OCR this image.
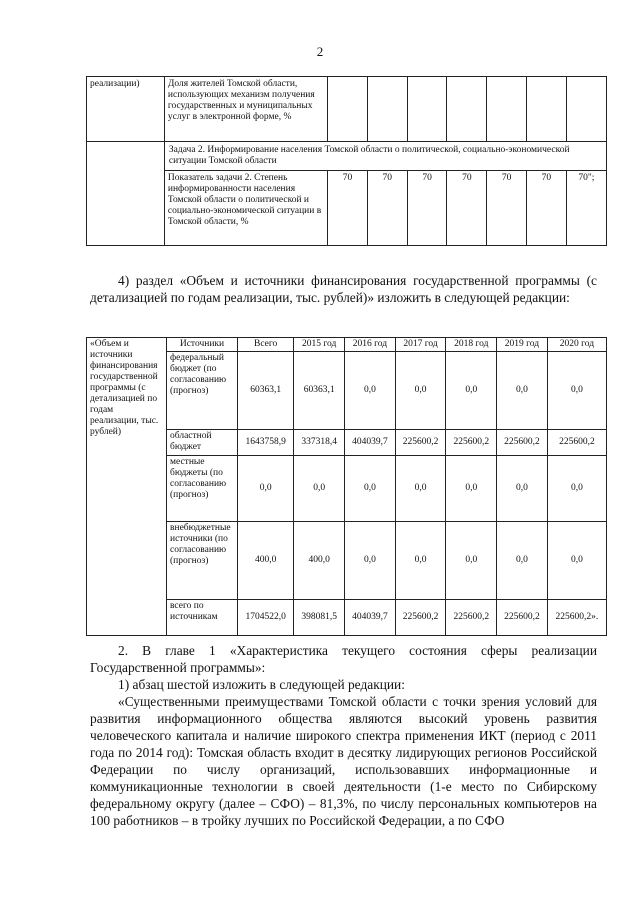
2
реализации)	Доля жителей Томской области, использующих механизм получения государственных и муниципальных услуг в электронной форме, %							
	Задача 2. Информирование населения Томской области о политической, социально-экономической ситуации Томской области							
	Показатель задачи 2. Степень информированности населения Томской области о политической и социально-экономической ситуации в Томской области, %	70	70	70	70	70	70	70";
4) раздел «Объем и источники финансирования государственной программы (с детализацией по годам реализации, тыс. рублей)» изложить в следующей редакции:
«Объем и источники финансирования государственной программы (с детализацией по годам реализации, тыс. рублей)	Источники	Всего	2015 год	2016 год	2017 год	2018 год	2019 год	2020 год
	федеральный бюджет (по согласованию (прогноз)	60363,1	60363,1	0,0	0,0	0,0	0,0	0,0
	областной бюджет	1643758,9	337318,4	404039,7	225600,2	225600,2	225600,2	225600,2
	местные бюджеты (по согласованию (прогноз)	0,0	0,0	0,0	0,0	0,0	0,0	0,0
	внебюджетные источники (по согласованию (прогноз)	400,0	400,0	0,0	0,0	0,0	0,0	0,0
	всего по источникам	1704522,0	398081,5	404039,7	225600,2	225600,2	225600,2	225600,2».
2. В главе 1 «Характеристика текущего состояния сферы реализации Государственной программы»:
1) абзац шестой изложить в следующей редакции:
«Существенными преимуществами Томской области с точки зрения условий для развития информационного общества являются высокий уровень развития человеческого капитала и наличие широкого спектра применения ИКТ (период с 2011 года по 2014 год): Томская область входит в десятку лидирующих регионов Российской Федерации по числу организаций, использовавших информационные и коммуникационные технологии в своей деятельности (1-е место по Сибирскому федеральному округу (далее – СФО) – 81,3%, по числу персональных компьютеров на 100 работников – в тройку лучших по Российской Федерации, а по СФО
